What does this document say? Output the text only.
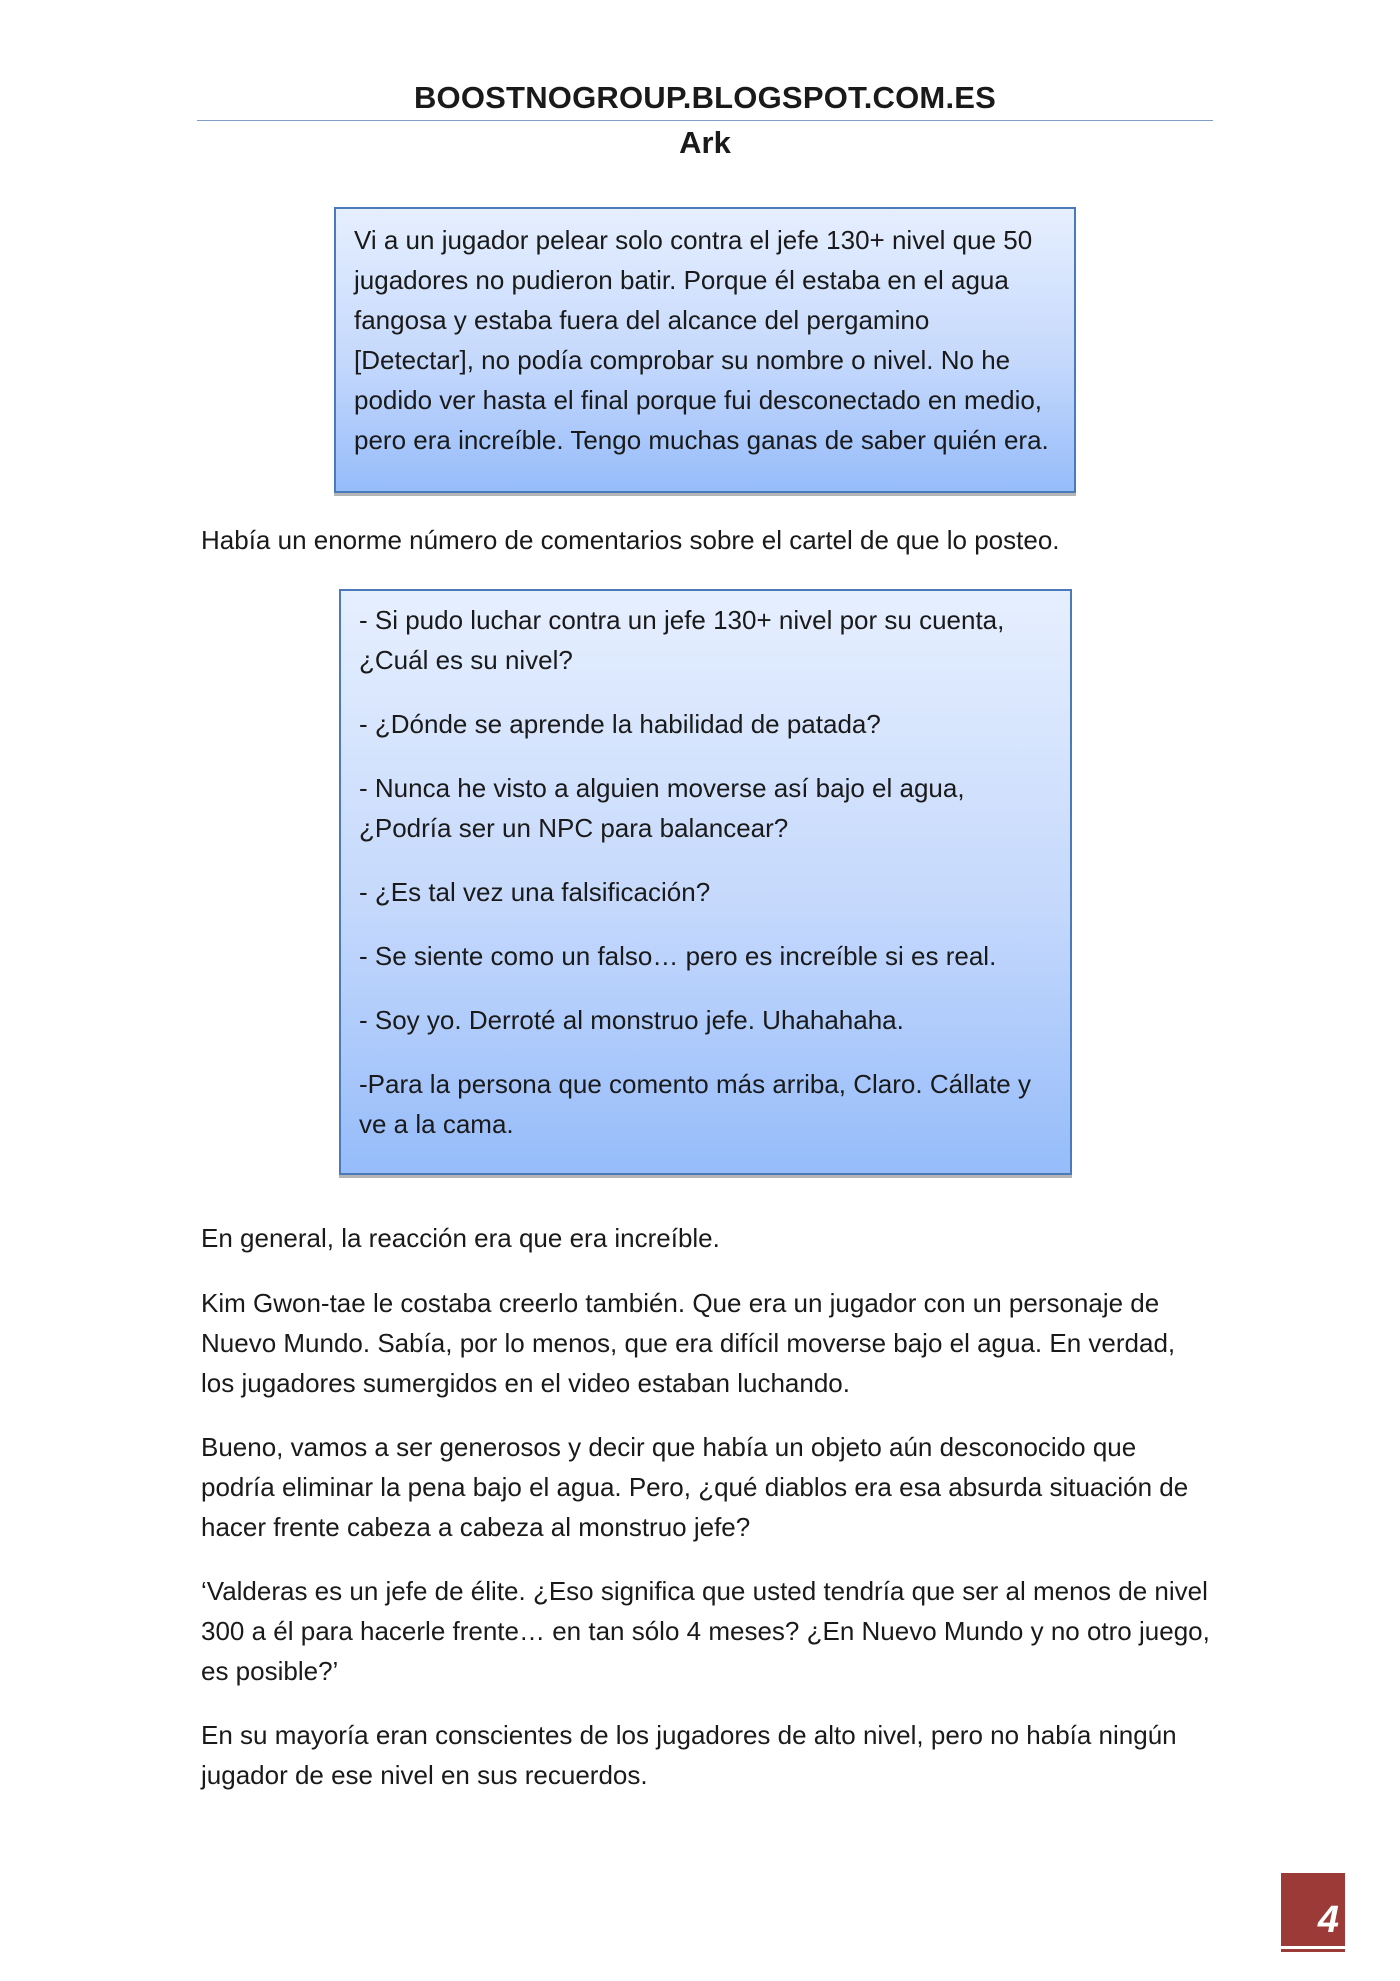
BOOSTNOGROUP.BLOGSPOT.COM.ES
Ark

Vi a un jugador pelear solo contra el jefe 130+ nivel que 50 jugadores no pudieron batir. Porque él estaba en el agua fangosa y estaba fuera del alcance del pergamino [Detectar], no podía comprobar su nombre o nivel. No he podido ver hasta el final porque fui desconectado en medio, pero era increíble. Tengo muchas ganas de saber quién era.

Había un enorme número de comentarios sobre el cartel de que lo posteo.

- Si pudo luchar contra un jefe 130+ nivel por su cuenta, ¿Cuál es su nivel?

- ¿Dónde se aprende la habilidad de patada?

- Nunca he visto a alguien moverse así bajo el agua, ¿Podría ser un NPC para balancear?

- ¿Es tal vez una falsificación?

- Se siente como un falso… pero es increíble si es real.

- Soy yo. Derroté al monstruo jefe. Uhahahaha.

-Para la persona que comento más arriba, Claro. Cállate y ve a la cama.

En general, la reacción era que era increíble.

Kim Gwon-tae le costaba creerlo también. Que era un jugador con un personaje de Nuevo Mundo. Sabía, por lo menos, que era difícil moverse bajo el agua. En verdad, los jugadores sumergidos en el video estaban luchando.

Bueno, vamos a ser generosos y decir que había un objeto aún desconocido que podría eliminar la pena bajo el agua. Pero, ¿qué diablos era esa absurda situación de hacer frente cabeza a cabeza al monstruo jefe?

‘Valderas es un jefe de élite. ¿Eso significa que usted tendría que ser al menos de nivel 300 a él para hacerle frente… en tan sólo 4 meses? ¿En Nuevo Mundo y no otro juego, es posible?’

En su mayoría eran conscientes de los jugadores de alto nivel, pero no había ningún jugador de ese nivel en sus recuerdos.

4
